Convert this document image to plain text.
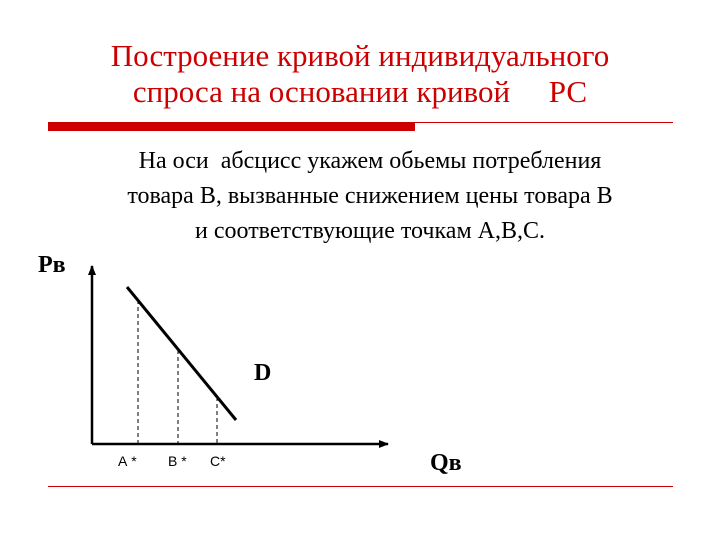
Построение кривой индивидуального
спроса на основании кривой     РС
На оси  абсцисс укажем обьемы потребления
товара В, вызванные снижением цены товара В
и соответствующие точкам А,В,С.
Рв
Qв
D
А * В * С*
